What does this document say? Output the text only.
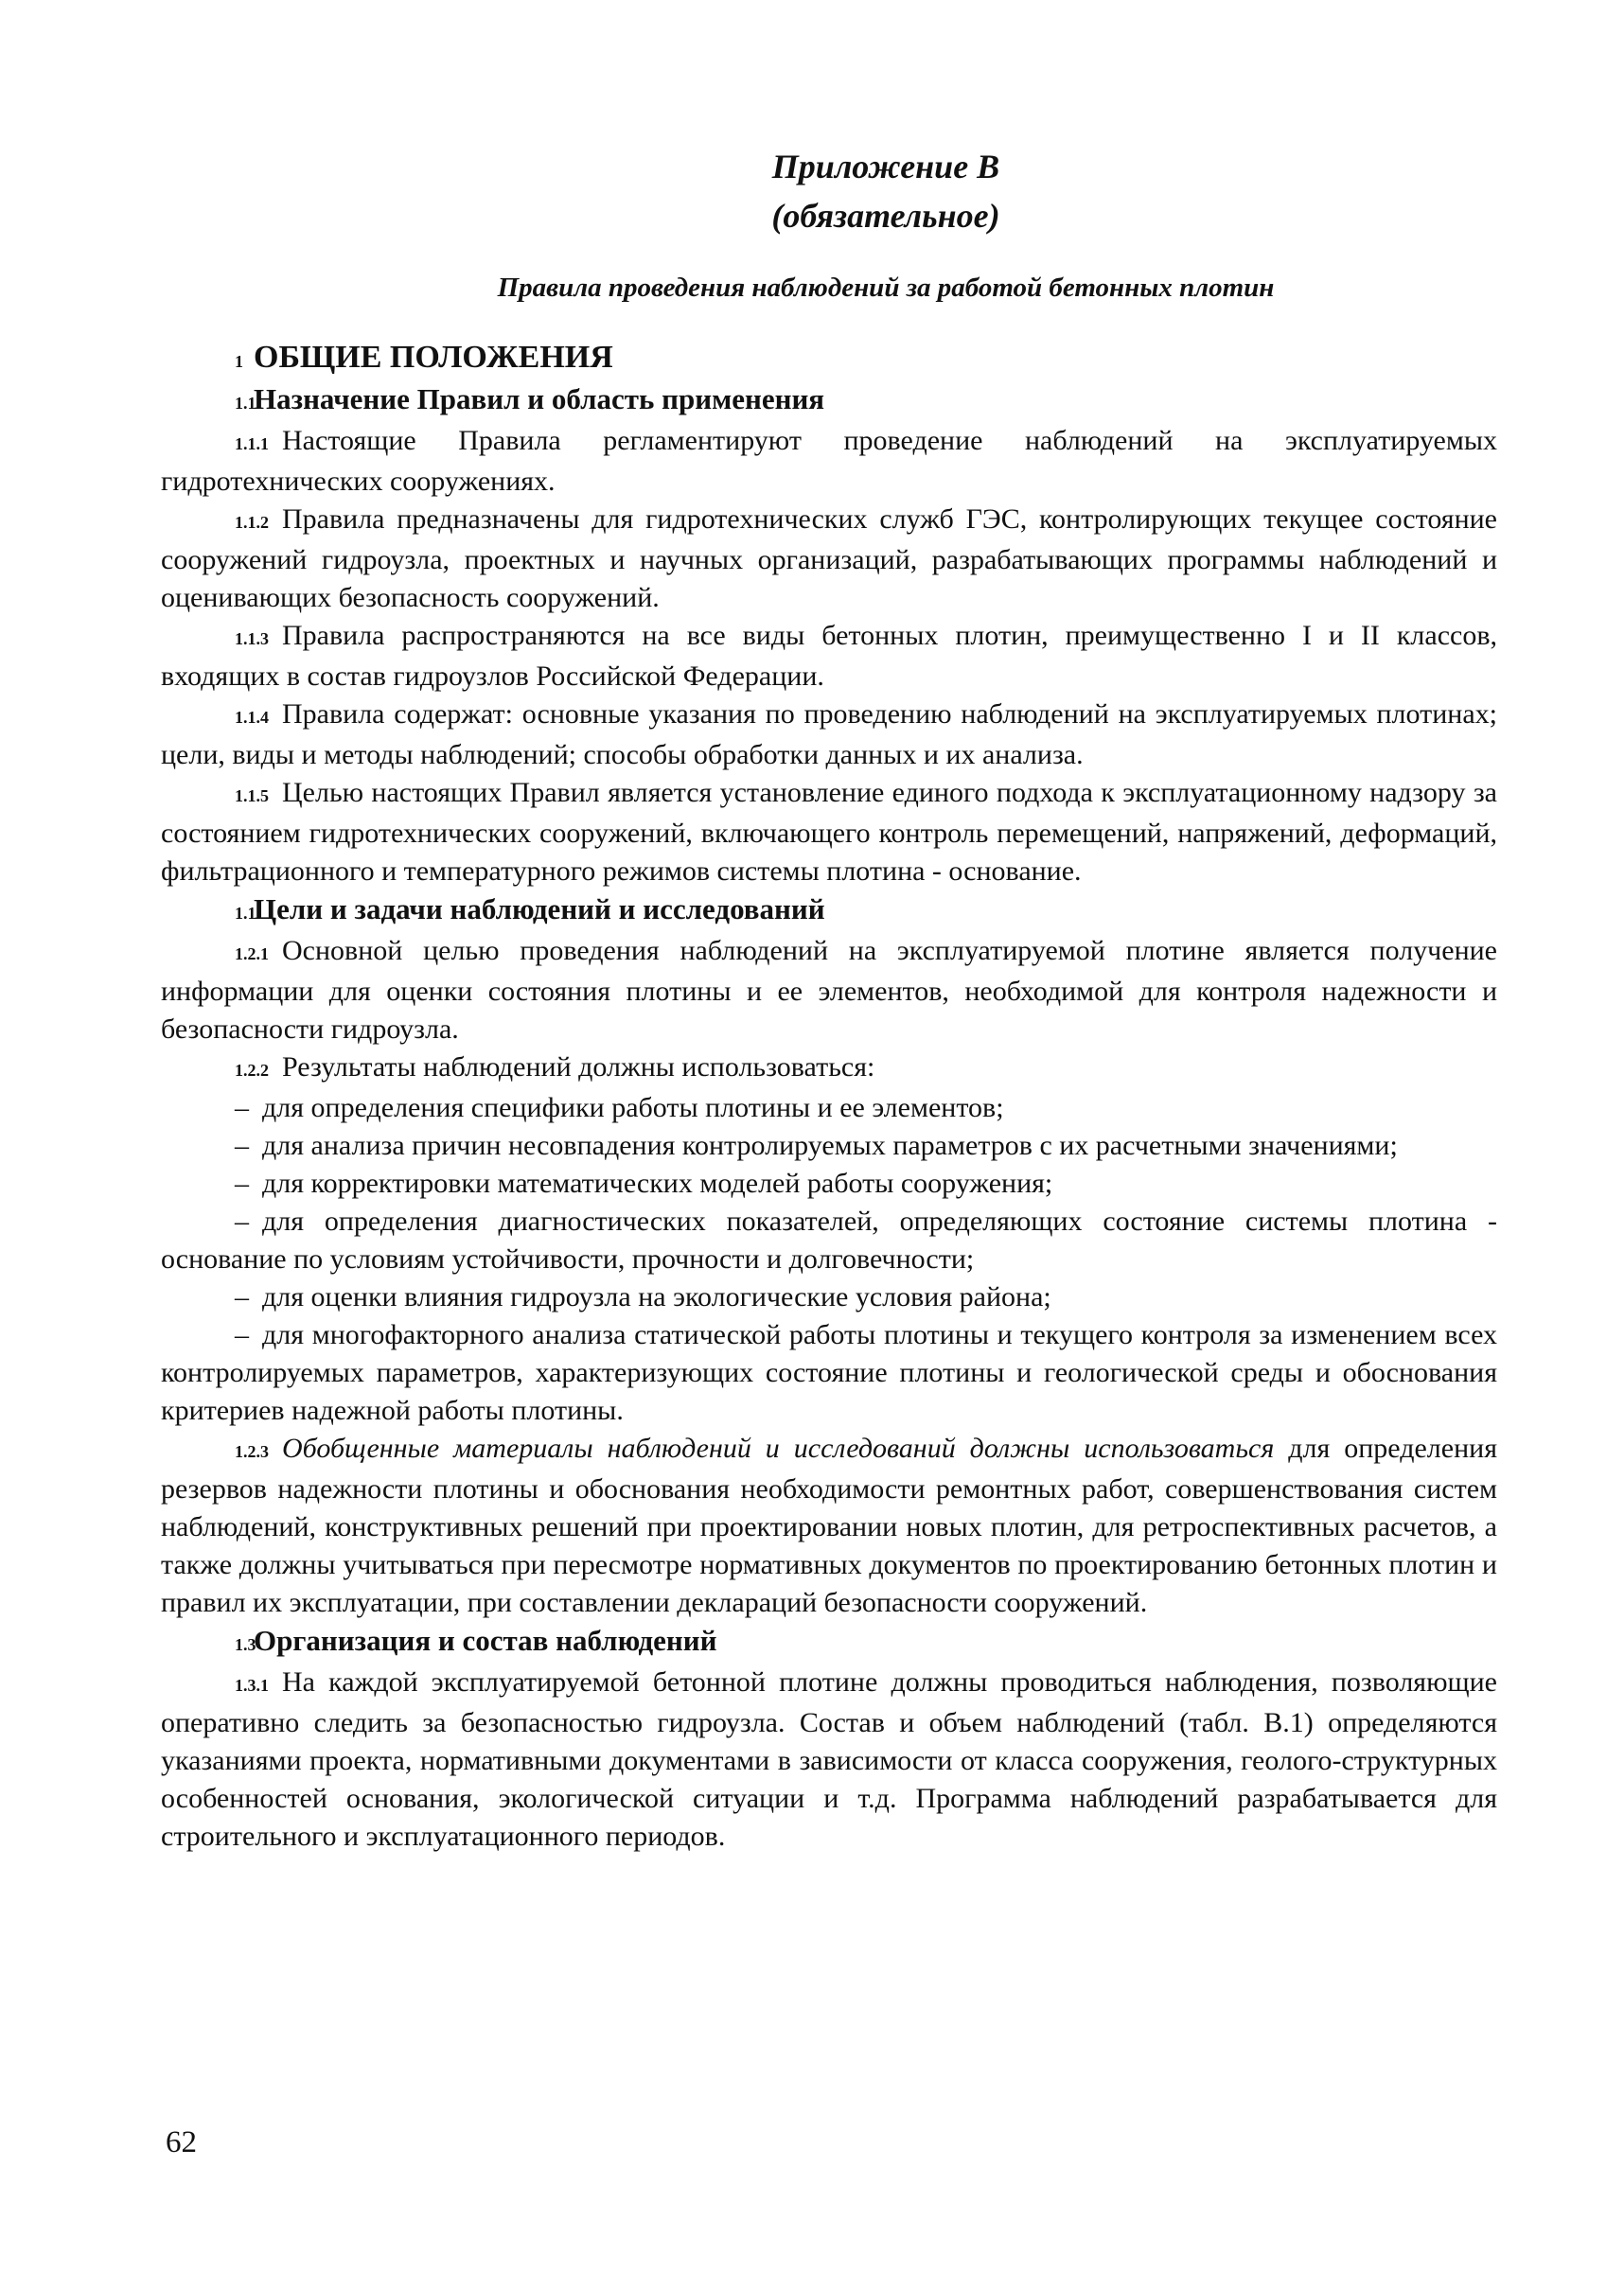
Приложение В

(обязательное)

Правила проведения наблюдений за работой бетонных плотин

1 ОБЩИЕ ПОЛОЖЕНИЯ

1.1Назначение Правил и область применения

1.1.1 Настоящие Правила регламентируют проведение наблюдений на эксплуатируемых гидротехнических сооружениях.

1.1.2 Правила предназначены для гидротехнических служб ГЭС, контролирующих текущее состояние сооружений гидроузла, проектных и научных организаций, разрабатывающих программы наблюдений и оценивающих безопасность сооружений.

1.1.3 Правила распространяются на все виды бетонных плотин, преимущественно I и II классов, входящих в состав гидроузлов Российской Федерации.

1.1.4 Правила содержат: основные указания по проведению наблюдений на эксплуатируемых плотинах; цели, виды и методы наблюдений; способы обработки данных и их анализа.

1.1.5 Целью настоящих Правил является установление единого подхода к эксплуатационному надзору за состоянием гидротехнических сооружений, включающего контроль перемещений, напряжений, деформаций, фильтрационного и температурного режимов системы плотина - основание.

1.1Цели и задачи наблюдений и исследований

1.2.1 Основной целью проведения наблюдений на эксплуатируемой плотине является получение информации для оценки состояния плотины и ее элементов, необходимой для контроля надежности и безопасности гидроузла.

1.2.2 Результаты наблюдений должны использоваться:

– для определения специфики работы плотины и ее элементов;

– для анализа причин несовпадения контролируемых параметров с их расчетными значениями;

– для корректировки математических моделей работы сооружения;

– для определения диагностических показателей, определяющих состояние системы плотина - основание по условиям устойчивости, прочности и долговечности;

– для оценки влияния гидроузла на экологические условия района;

– для многофакторного анализа статической работы плотины и текущего контроля за изменением всех контролируемых параметров, характеризующих состояние плотины и геологической среды и обоснования критериев надежной работы плотины.

1.2.3 Обобщенные материалы наблюдений и исследований должны использоваться для определения резервов надежности плотины и обоснования необходимости ремонтных работ, совершенствования систем наблюдений, конструктивных решений при проектировании новых плотин, для ретроспективных расчетов, а также должны учитываться при пересмотре нормативных документов по проектированию бетонных плотин и правил их эксплуатации, при составлении деклараций безопасности сооружений.

1.3Организация и состав наблюдений

1.3.1 На каждой эксплуатируемой бетонной плотине должны проводиться наблюдения, позволяющие оперативно следить за безопасностью гидроузла. Состав и объем наблюдений (табл. В.1) определяются указаниями проекта, нормативными документами в зависимости от класса сооружения, геолого-структурных особенностей основания, экологической ситуации и т.д. Программа наблюдений разрабатывается для строительного и эксплуатационного периодов.

62
